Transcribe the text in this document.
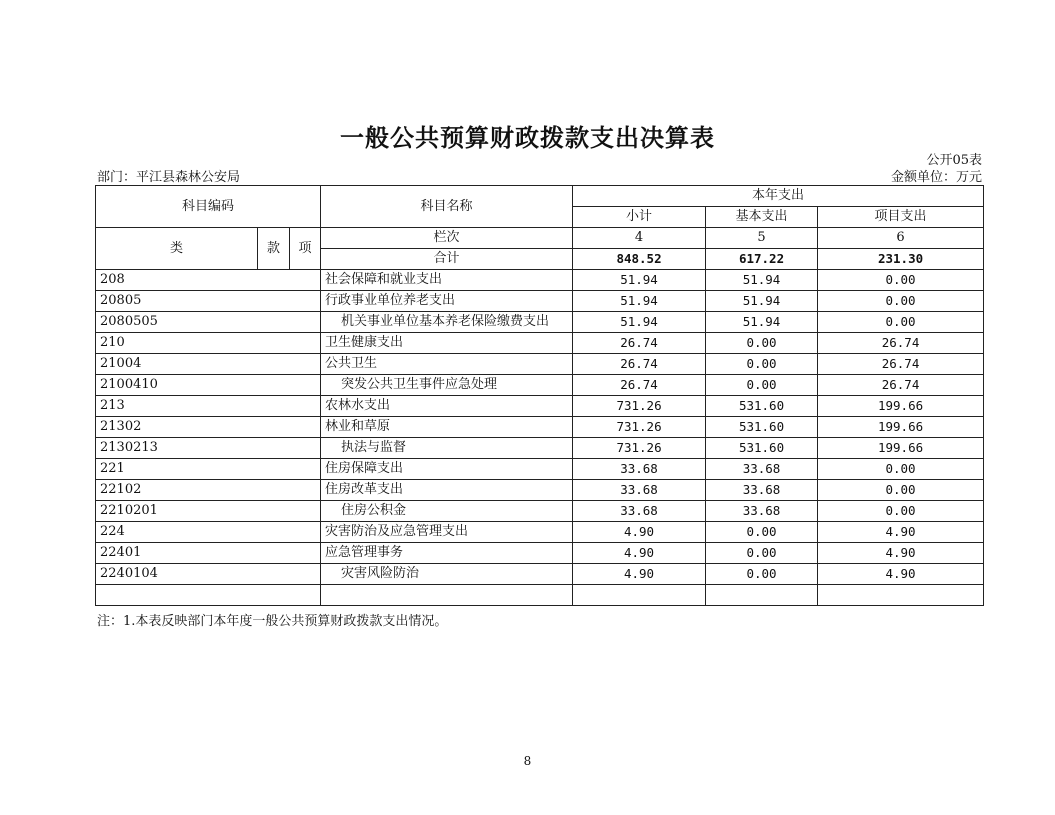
一般公共预算财政拨款支出决算表
公开05表
部门：平江县森林公安局	金额单位：万元
科目编码			科目名称	本年支出		
				小计	基本支出	项目支出
类	款	项	栏次	4	5	6
			合计	848.52	617.22	231.30
208			社会保障和就业支出	51.94	51.94	0.00
20805			行政事业单位养老支出	51.94	51.94	0.00
2080505			机关事业单位基本养老保险缴费支出	51.94	51.94	0.00
210			卫生健康支出	26.74	0.00	26.74
21004			公共卫生	26.74	0.00	26.74
2100410			突发公共卫生事件应急处理	26.74	0.00	26.74
213			农林水支出	731.26	531.60	199.66
21302			林业和草原	731.26	531.60	199.66
2130213			执法与监督	731.26	531.60	199.66
221			住房保障支出	33.68	33.68	0.00
22102			住房改革支出	33.68	33.68	0.00
2210201			住房公积金	33.68	33.68	0.00
224			灾害防治及应急管理支出	4.90	0.00	4.90
22401			应急管理事务	4.90	0.00	4.90
2240104			灾害风险防治	4.90	0.00	4.90

注：1.本表反映部门本年度一般公共预算财政拨款支出情况。
8
